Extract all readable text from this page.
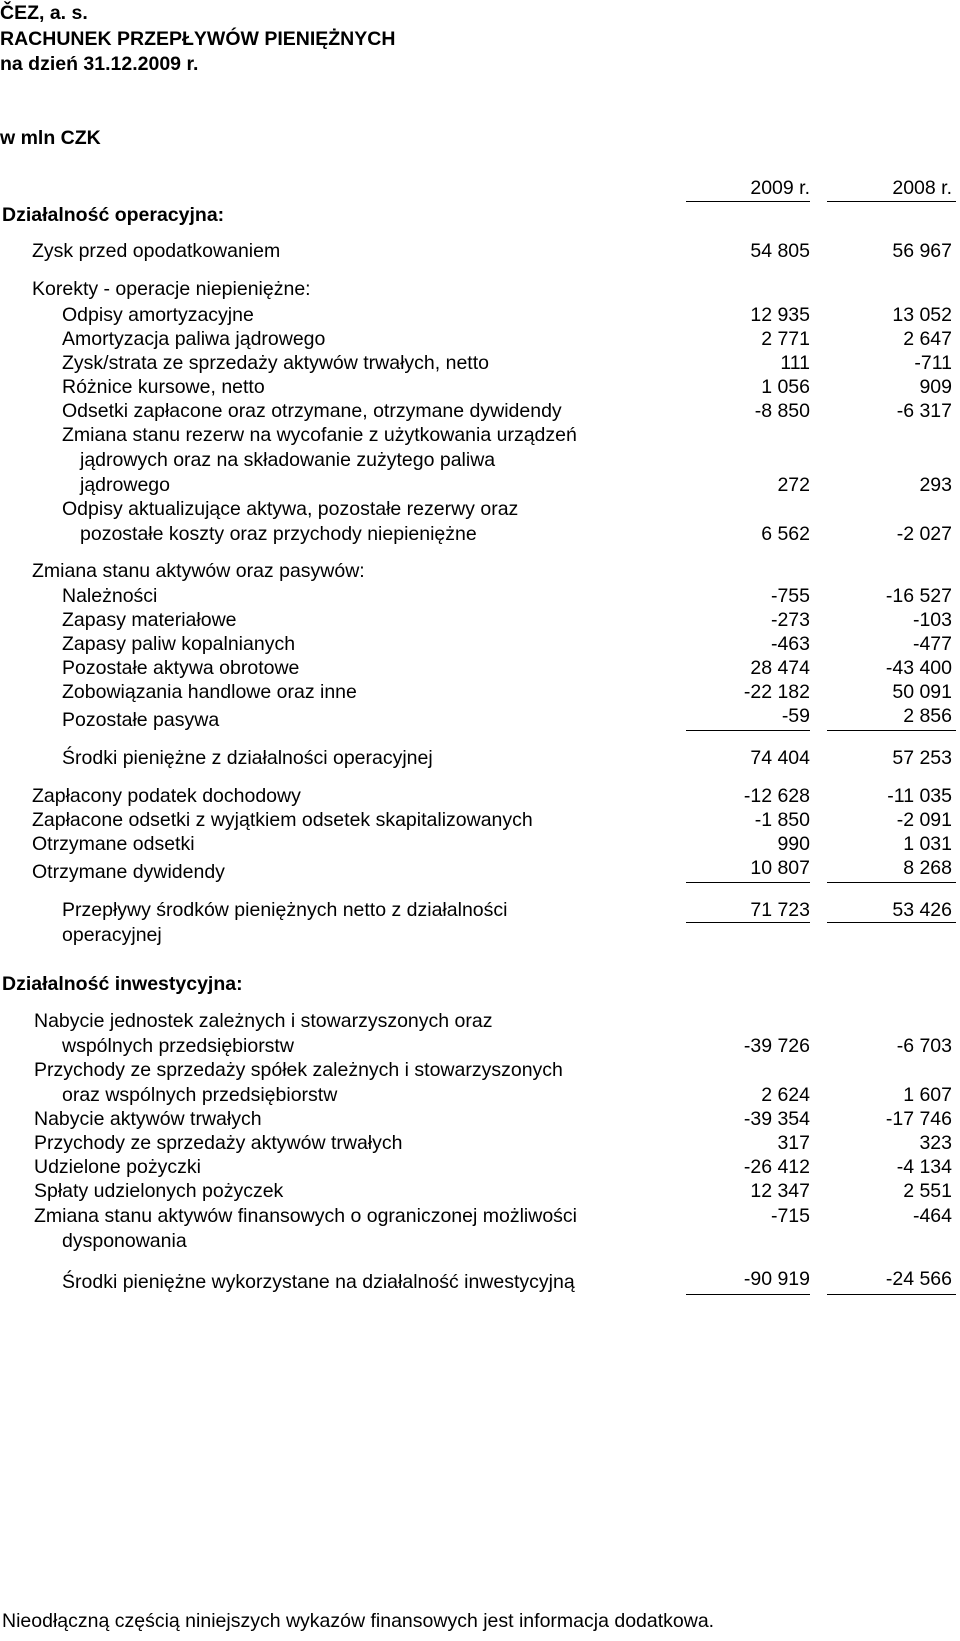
ČEZ, a. s.
RACHUNEK PRZEPŁYWÓW PIENIĘŻNYCH
na dzień 31.12.2009 r.
w mln CZK
2009 r.	2008 r.
Działalność operacyjna:
Zysk przed opodatkowaniem	54 805	56 967
Korekty - operacje niepieniężne:
Odpisy amortyzacyjne	12 935	13 052
Amortyzacja paliwa jądrowego	2 771	2 647
Zysk/strata ze sprzedaży aktywów trwałych, netto	111	-711
Różnice kursowe, netto	1 056	909
Odsetki zapłacone oraz otrzymane, otrzymane dywidendy	-8 850	-6 317
Zmiana stanu rezerw na wycofanie z użytkowania urządzeń
jądrowych oraz na składowanie zużytego paliwa
jądrowego	272	293
Odpisy aktualizujące aktywa, pozostałe rezerwy oraz
pozostałe koszty oraz przychody niepieniężne	6 562	-2 027
Zmiana stanu aktywów oraz pasywów:
Należności	-755	-16 527
Zapasy materiałowe	-273	-103
Zapasy paliw kopalnianych	-463	-477
Pozostałe aktywa obrotowe	28 474	-43 400
Zobowiązania handlowe oraz inne	-22 182	50 091
Pozostałe pasywa	-59	2 856
Środki pieniężne z działalności operacyjnej	74 404	57 253
Zapłacony podatek dochodowy	-12 628	-11 035
Zapłacone odsetki z wyjątkiem odsetek skapitalizowanych	-1 850	-2 091
Otrzymane odsetki	990	1 031
Otrzymane dywidendy	10 807	8 268
Przepływy środków pieniężnych netto z działalności
operacyjnej
71 723	53 426
Działalność inwestycyjna:
Nabycie jednostek zależnych i stowarzyszonych oraz
wspólnych przedsiębiorstw	-39 726	-6 703
Przychody ze sprzedaży spółek zależnych i stowarzyszonych
oraz wspólnych przedsiębiorstw	2 624	1 607
Nabycie aktywów trwałych	-39 354	-17 746
Przychody ze sprzedaży aktywów trwałych	317	323
Udzielone pożyczki	-26 412	-4 134
Spłaty udzielonych pożyczek	12 347	2 551
Zmiana stanu aktywów finansowych o ograniczonej możliwości
dysponowania
-715	-464
Środki pieniężne wykorzystane na działalność inwestycyjną	-90 919	-24 566
Nieodłączną częścią niniejszych wykazów finansowych jest informacja dodatkowa.
